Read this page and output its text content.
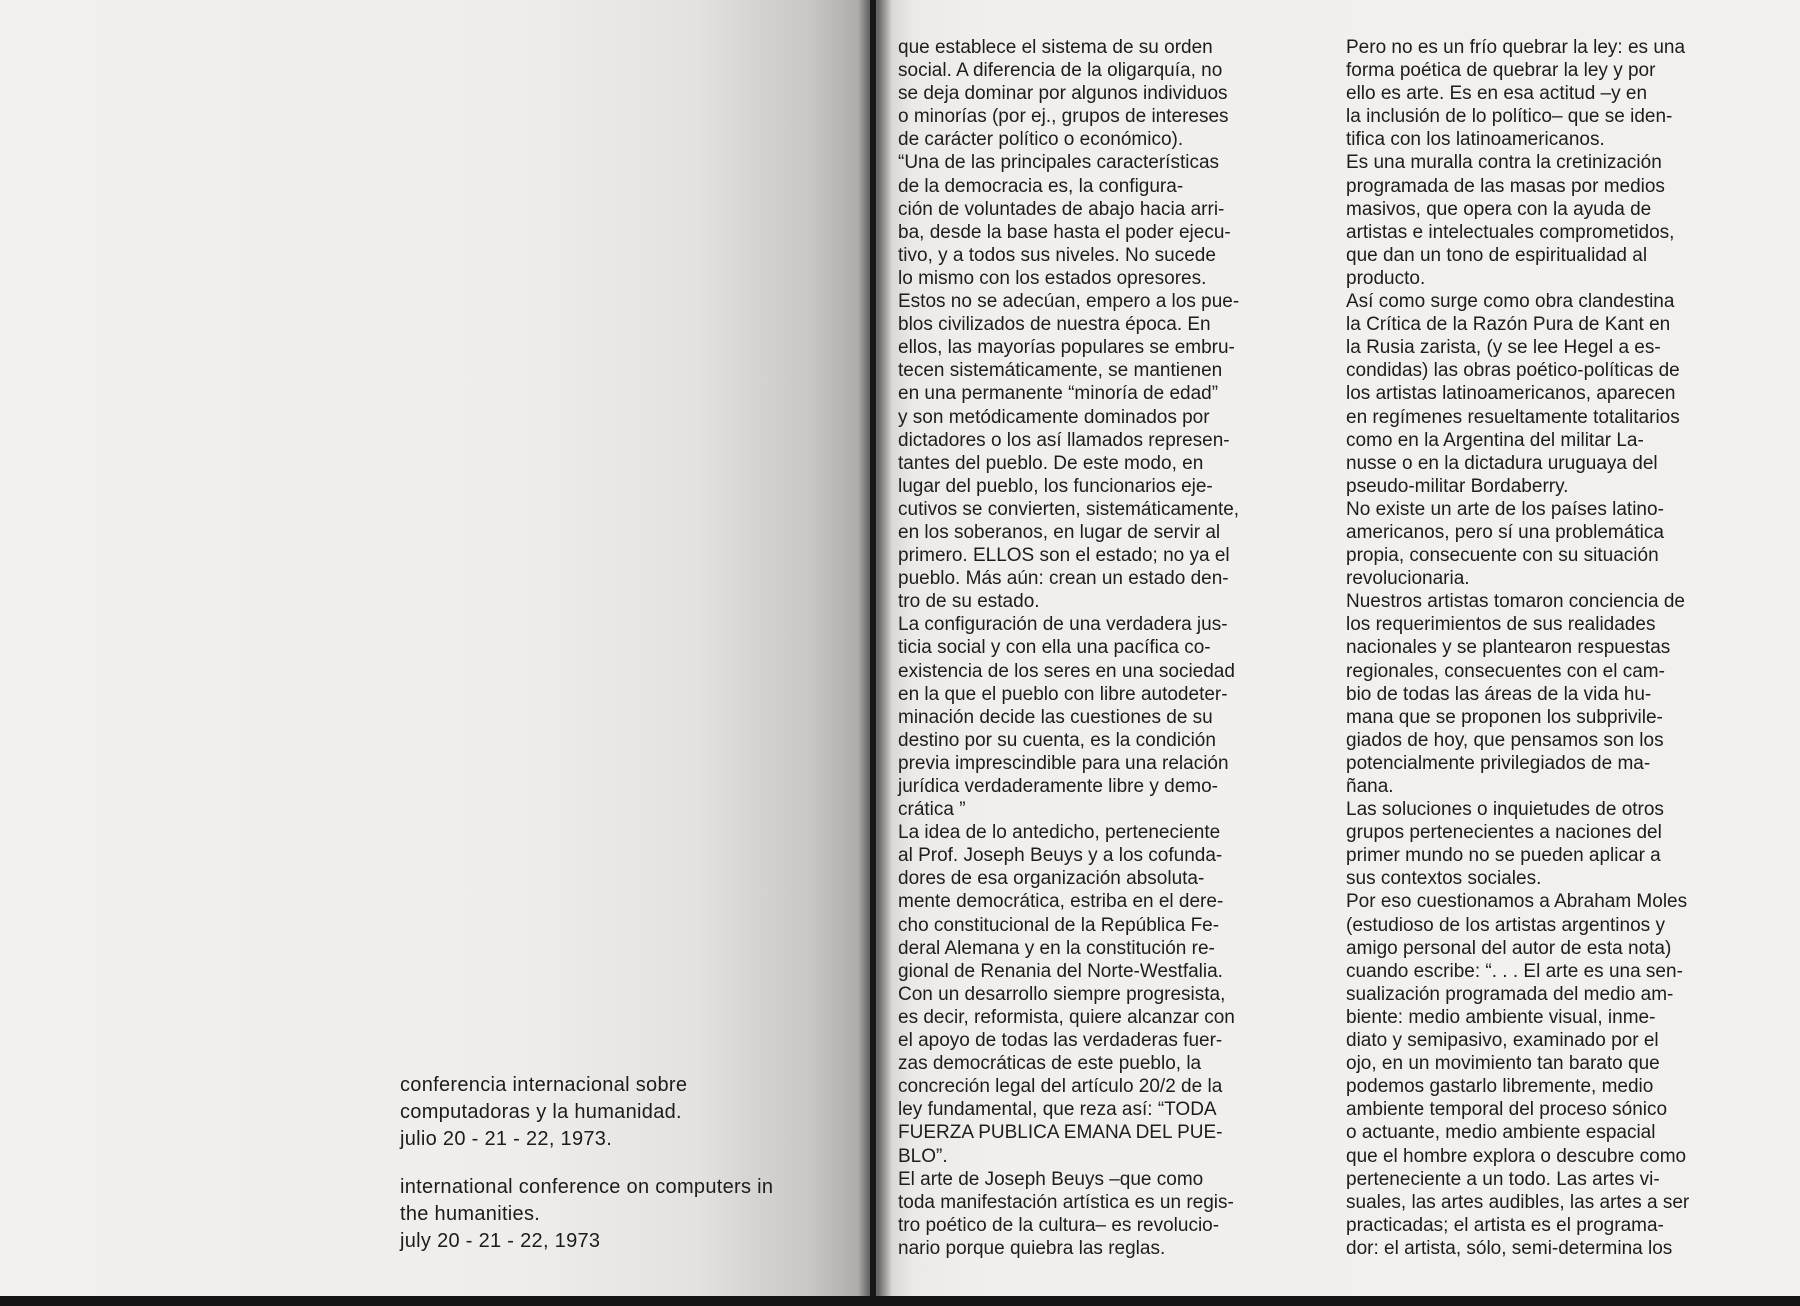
conferencia internacional sobre

computadoras y la humanidad.

julio 20 - 21 - 22, 1973.

international conference on computers in

the humanities.

july 20 - 21 - 22, 1973

que establece el sistema de su orden

social. A diferencia de la oligarquía, no

se deja dominar por algunos individuos

o minorías (por ej., grupos de intereses

de carácter político o económico).

“Una de las principales características

de la democracia es, la configura-

ción de voluntades de abajo hacia arri-

ba, desde la base hasta el poder ejecu-

tivo, y a todos sus niveles. No sucede

lo mismo con los estados opresores.

Estos no se adecúan, empero a los pue-

blos civilizados de nuestra época. En

ellos, las mayorías populares se embru-

tecen sistemáticamente, se mantienen

en una permanente “minoría de edad”

y son metódicamente dominados por

dictadores o los así llamados represen-

tantes del pueblo. De este modo, en

lugar del pueblo, los funcionarios eje-

cutivos se convierten, sistemáticamente,

en los soberanos, en lugar de servir al

primero. ELLOS son el estado; no ya el

pueblo. Más aún: crean un estado den-

tro de su estado.

La configuración de una verdadera jus-

ticia social y con ella una pacífica co-

existencia de los seres en una sociedad

en la que el pueblo con libre autodeter-

minación decide las cuestiones de su

destino por su cuenta, es la condición

previa imprescindible para una relación

jurídica verdaderamente libre y demo-

crática ”

La idea de lo antedicho, perteneciente

al Prof. Joseph Beuys y a los cofunda-

dores de esa organización absoluta-

mente democrática, estriba en el dere-

cho constitucional de la República Fe-

deral Alemana y en la constitución re-

gional de Renania del Norte-Westfalia.

Con un desarrollo siempre progresista,

es decir, reformista, quiere alcanzar con

el apoyo de todas las verdaderas fuer-

zas democráticas de este pueblo, la

concreción legal del artículo 20/2 de la

ley fundamental, que reza así: “TODA

FUERZA PUBLICA EMANA DEL PUE-

BLO”.

El arte de Joseph Beuys –que como

toda manifestación artística es un regis-

tro poético de la cultura– es revolucio-

nario porque quiebra las reglas.

Pero no es un frío quebrar la ley: es una

forma poética de quebrar la ley y por

ello es arte. Es en esa actitud –y en

la inclusión de lo político– que se iden-

tifica con los latinoamericanos.

Es una muralla contra la cretinización

programada de las masas por medios

masivos, que opera con la ayuda de

artistas e intelectuales comprometidos,

que dan un tono de espiritualidad al

producto.

Así como surge como obra clandestina

la Crítica de la Razón Pura de Kant en

la Rusia zarista, (y se lee Hegel a es-

condidas) las obras poético-políticas de

los artistas latinoamericanos, aparecen

en regímenes resueltamente totalitarios

como en la Argentina del militar La-

nusse o en la dictadura uruguaya del

pseudo-militar Bordaberry.

No existe un arte de los países latino-

americanos, pero sí una problemática

propia, consecuente con su situación

revolucionaria.

Nuestros artistas tomaron conciencia de

los requerimientos de sus realidades

nacionales y se plantearon respuestas

regionales, consecuentes con el cam-

bio de todas las áreas de la vida hu-

mana que se proponen los subprivile-

giados de hoy, que pensamos son los

potencialmente privilegiados de ma-

ñana.

Las soluciones o inquietudes de otros

grupos pertenecientes a naciones del

primer mundo no se pueden aplicar a

sus contextos sociales.

Por eso cuestionamos a Abraham Moles

(estudioso de los artistas argentinos y

amigo personal del autor de esta nota)

cuando escribe: “. . . El arte es una sen-

sualización programada del medio am-

biente: medio ambiente visual, inme-

diato y semipasivo, examinado por el

ojo, en un movimiento tan barato que

podemos gastarlo libremente, medio

ambiente temporal del proceso sónico

o actuante, medio ambiente espacial

que el hombre explora o descubre como

perteneciente a un todo. Las artes vi-

suales, las artes audibles, las artes a ser

practicadas; el artista es el programa-

dor: el artista, sólo, semi-determina los
